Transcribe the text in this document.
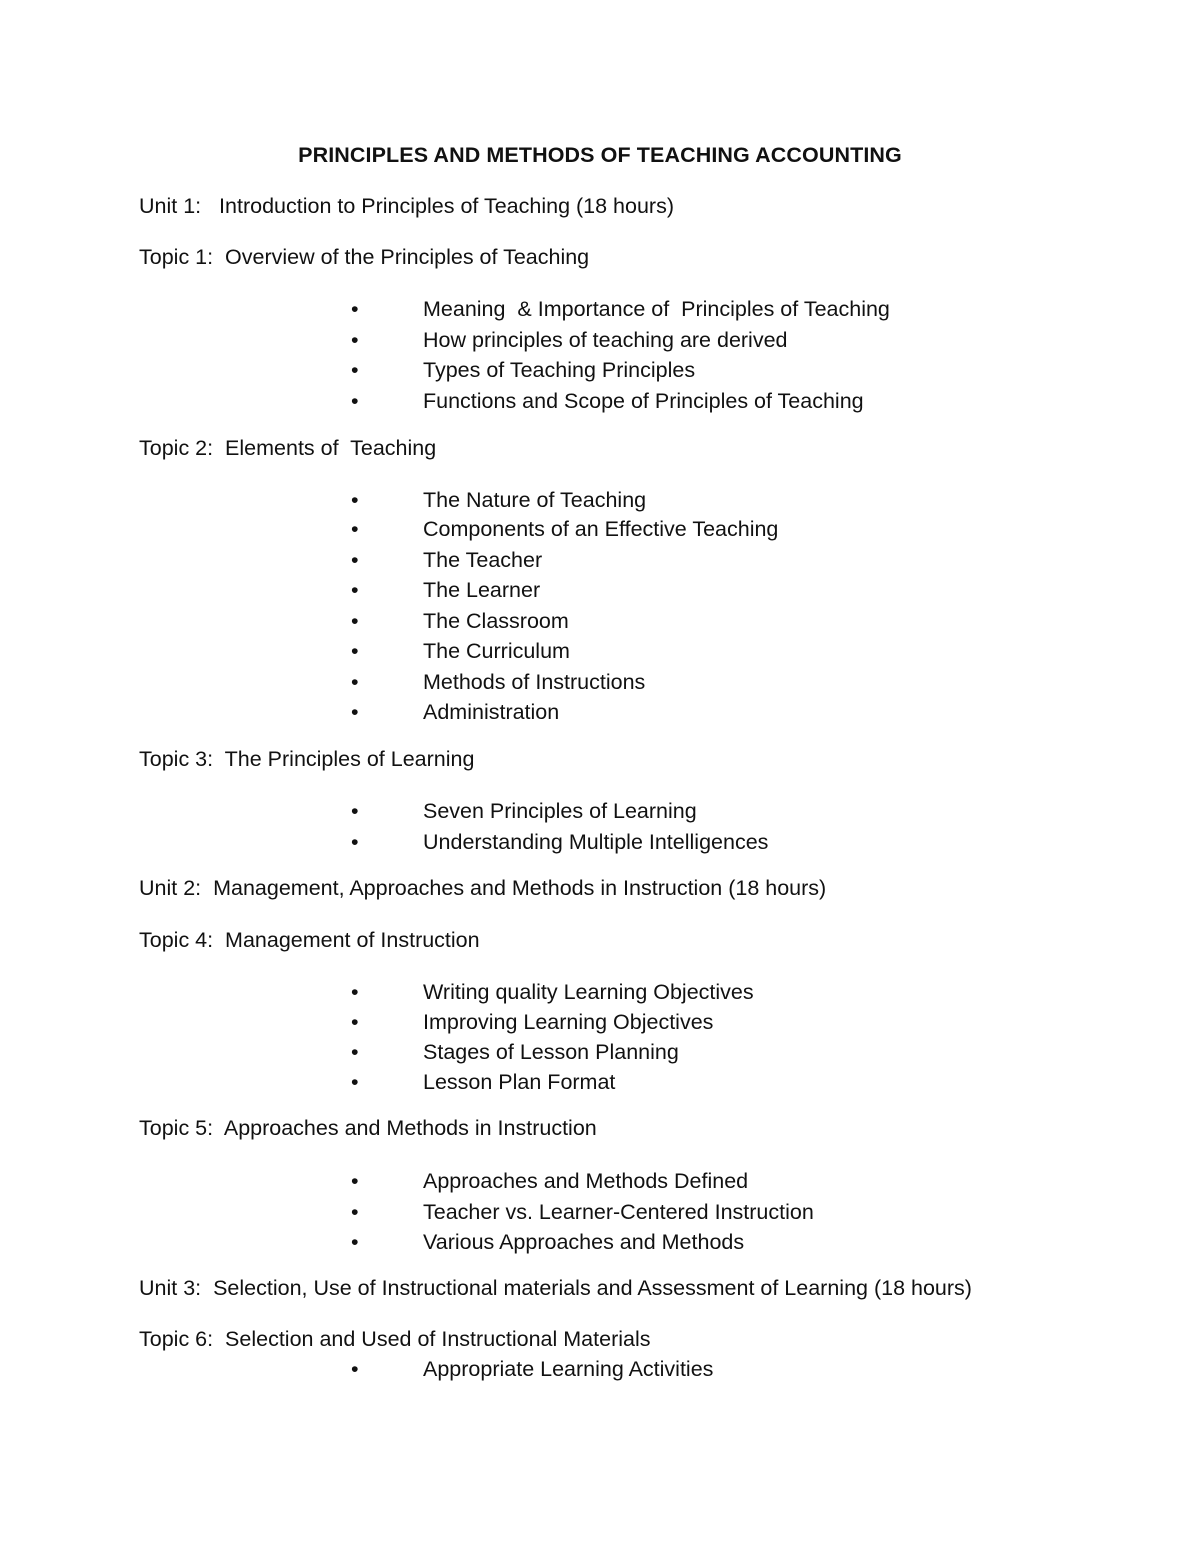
PRINCIPLES AND METHODS OF TEACHING ACCOUNTING
Unit 1:   Introduction to Principles of Teaching (18 hours)
Topic 1:  Overview of the Principles of Teaching
•	Meaning  & Importance of  Principles of Teaching
•	How principles of teaching are derived
•	Types of Teaching Principles
•	Functions and Scope of Principles of Teaching
Topic 2:  Elements of  Teaching
•	The Nature of Teaching
•	Components of an Effective Teaching
•	The Teacher
•	The Learner
•	The Classroom
•	The Curriculum
•	Methods of Instructions
•	Administration
Topic 3:  The Principles of Learning
•	Seven Principles of Learning
•	Understanding Multiple Intelligences
Unit 2:  Management, Approaches and Methods in Instruction (18 hours)
Topic 4:  Management of Instruction
•	Writing quality Learning Objectives
•	Improving Learning Objectives
•	Stages of Lesson Planning
•	Lesson Plan Format
Topic 5:  Approaches and Methods in Instruction
•	Approaches and Methods Defined
•	Teacher vs. Learner-Centered Instruction
•	Various Approaches and Methods
Unit 3:  Selection, Use of Instructional materials and Assessment of Learning (18 hours)
Topic 6:  Selection and Used of Instructional Materials
•	Appropriate Learning Activities
